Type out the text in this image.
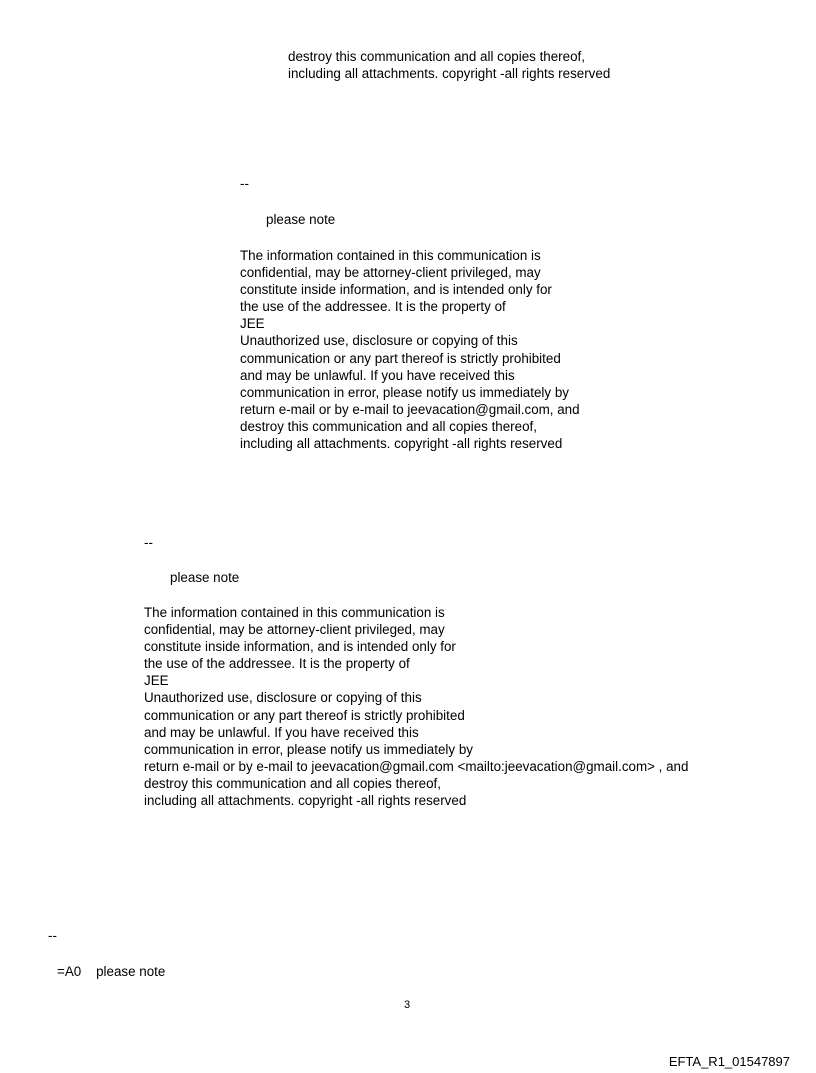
destroy this communication and all copies thereof,
including all attachments. copyright -all rights reserved
--
please note
The information contained in this communication is
confidential, may be attorney-client privileged, may
constitute inside information, and is intended only for
the use of the addressee. It is the property of
JEE
Unauthorized use, disclosure or copying of this
communication or any part thereof is strictly prohibited
and may be unlawful. If you have received this
communication in error, please notify us immediately by
return e-mail or by e-mail to jeevacation@gmail.com, and
destroy this communication and all copies thereof,
including all attachments. copyright -all rights reserved
--
please note
The information contained in this communication is
confidential, may be attorney-client privileged, may
constitute inside information, and is intended only for
the use of the addressee. It is the property of
JEE
Unauthorized use, disclosure or copying of this
communication or any part thereof is strictly prohibited
and may be unlawful. If you have received this
communication in error, please notify us immediately by
return e-mail or by e-mail to jeevacation@gmail.com <mailto:jeevacation@gmail.com> , and
destroy this communication and all copies thereof,
including all attachments. copyright -all rights reserved
--
=A0    please note
3
EFTA_R1_01547897
